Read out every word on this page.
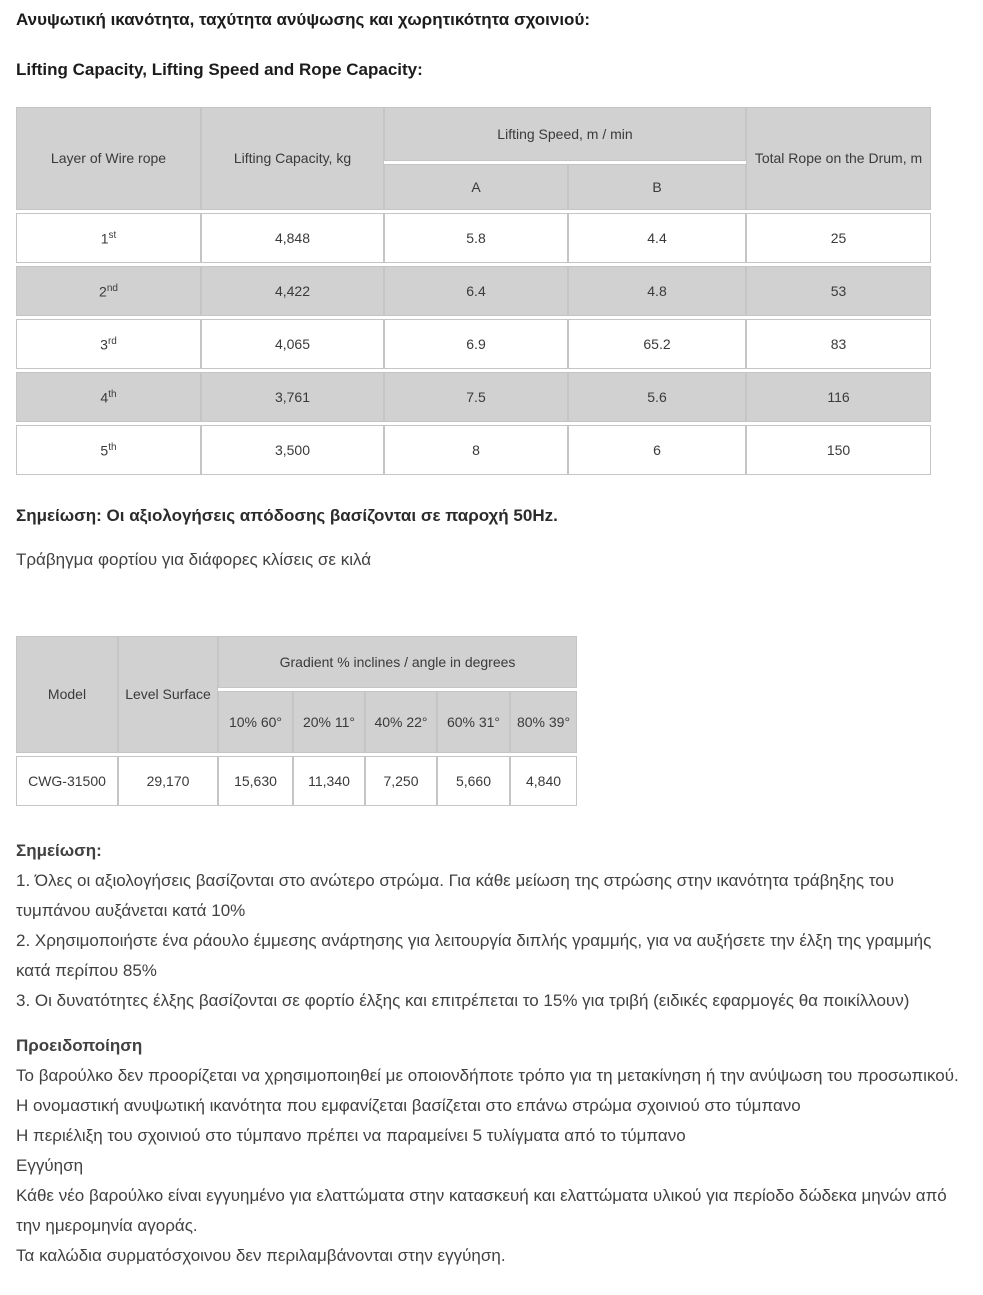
Ανυψωτική ικανότητα, ταχύτητα ανύψωσης και χωρητικότητα σχοινιού:

Lifting Capacity, Lifting Speed and Rope Capacity:

Layer of Wire rope	Lifting Capacity, kg	Lifting Speed, m / min		Total Rope on the Drum, m
		A	B	
1st	4,848	5.8	4.4	25
2nd	4,422	6.4	4.8	53
3rd	4,065	6.9	65.2	83
4th	3,761	7.5	5.6	116
5th	3,500	8	6	150

Σημείωση: Οι αξιολογήσεις απόδοσης βασίζονται σε παροχή 50Hz.

Τράβηγμα φορτίου για διάφορες κλίσεις σε κιλά

Model	Level Surface	Gradient % inclines / angle in degrees				
		10% 60°	20% 11°	40% 22°	60% 31°	80% 39°
CWG-31500	29,170	15,630	11,340	7,250	5,660	4,840

Σημείωση:

1. Όλες οι αξιολογήσεις βασίζονται στο ανώτερο στρώμα. Για κάθε μείωση της στρώσης στην ικανότητα τράβηξης του τυμπάνου αυξάνεται κατά 10%

2. Χρησιμοποιήστε ένα ράουλο έμμεσης ανάρτησης για λειτουργία διπλής γραμμής, για να αυξήσετε την έλξη της γραμμής κατά περίπου 85%

3. Οι δυνατότητες έλξης βασίζονται σε φορτίο έλξης και επιτρέπεται το 15% για τριβή (ειδικές εφαρμογές θα ποικίλλουν)

Προειδοποίηση

Το βαρούλκο δεν προορίζεται να χρησιμοποιηθεί με οποιονδήποτε τρόπο για τη μετακίνηση ή την ανύψωση του προσωπικού.

Η ονομαστική ανυψωτική ικανότητα που εμφανίζεται βασίζεται στο επάνω στρώμα σχοινιού στο τύμπανο

Η περιέλιξη του σχοινιού στο τύμπανο πρέπει να παραμείνει 5 τυλίγματα από το τύμπανο

Εγγύηση

Κάθε νέο βαρούλκο είναι εγγυημένο για ελαττώματα στην κατασκευή και ελαττώματα υλικού για περίοδο δώδεκα μηνών από την ημερομηνία αγοράς.

Τα καλώδια συρματόσχοινου δεν περιλαμβάνονται στην εγγύηση.
